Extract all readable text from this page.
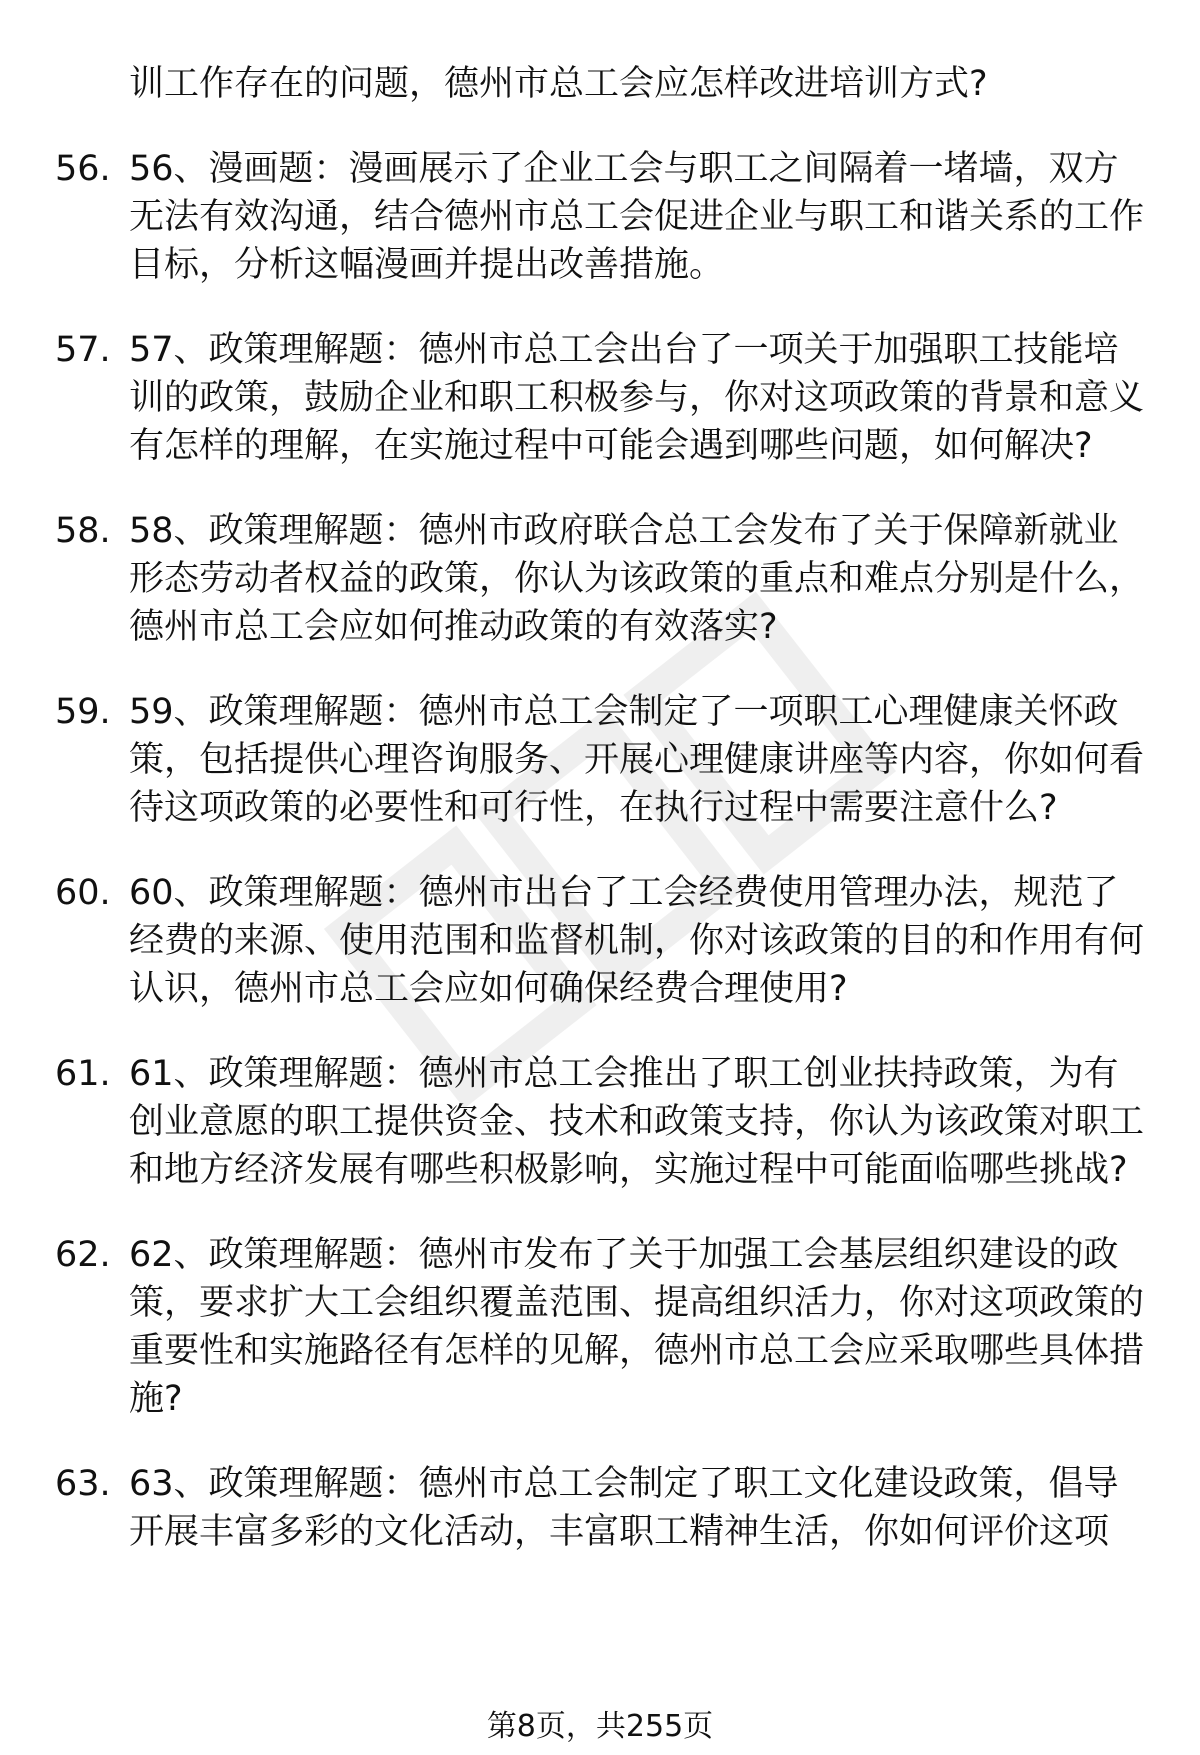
训工作存在的问题，德州市总工会应怎样改进培训方式?

56. 56、漫画题：漫画展示了企业工会与职工之间隔着一堵墙，双方无法有效沟通，结合德州市总工会促进企业与职工和谐关系的工作目标，分析这幅漫画并提出改善措施。
57. 57、政策理解题：德州市总工会出台了一项关于加强职工技能培训的政策，鼓励企业和职工积极参与，你对这项政策的背景和意义有怎样的理解，在实施过程中可能会遇到哪些问题，如何解决?
58. 58、政策理解题：德州市政府联合总工会发布了关于保障新就业形态劳动者权益的政策，你认为该政策的重点和难点分别是什么，德州市总工会应如何推动政策的有效落实?
59. 59、政策理解题：德州市总工会制定了一项职工心理健康关怀政策，包括提供心理咨询服务、开展心理健康讲座等内容，你如何看待这项政策的必要性和可行性，在执行过程中需要注意什么?
60. 60、政策理解题：德州市出台了工会经费使用管理办法，规范了经费的来源、使用范围和监督机制，你对该政策的目的和作用有何认识，德州市总工会应如何确保经费合理使用?
61. 61、政策理解题：德州市总工会推出了职工创业扶持政策，为有创业意愿的职工提供资金、技术和政策支持，你认为该政策对职工和地方经济发展有哪些积极影响，实施过程中可能面临哪些挑战?
62. 62、政策理解题：德州市发布了关于加强工会基层组织建设的政策，要求扩大工会组织覆盖范围、提高组织活力，你对这项政策的重要性和实施路径有怎样的见解，德州市总工会应采取哪些具体措施?
63. 63、政策理解题：德州市总工会制定了职工文化建设政策，倡导开展丰富多彩的文化活动，丰富职工精神生活，你如何评价这项
第8页，共255页
